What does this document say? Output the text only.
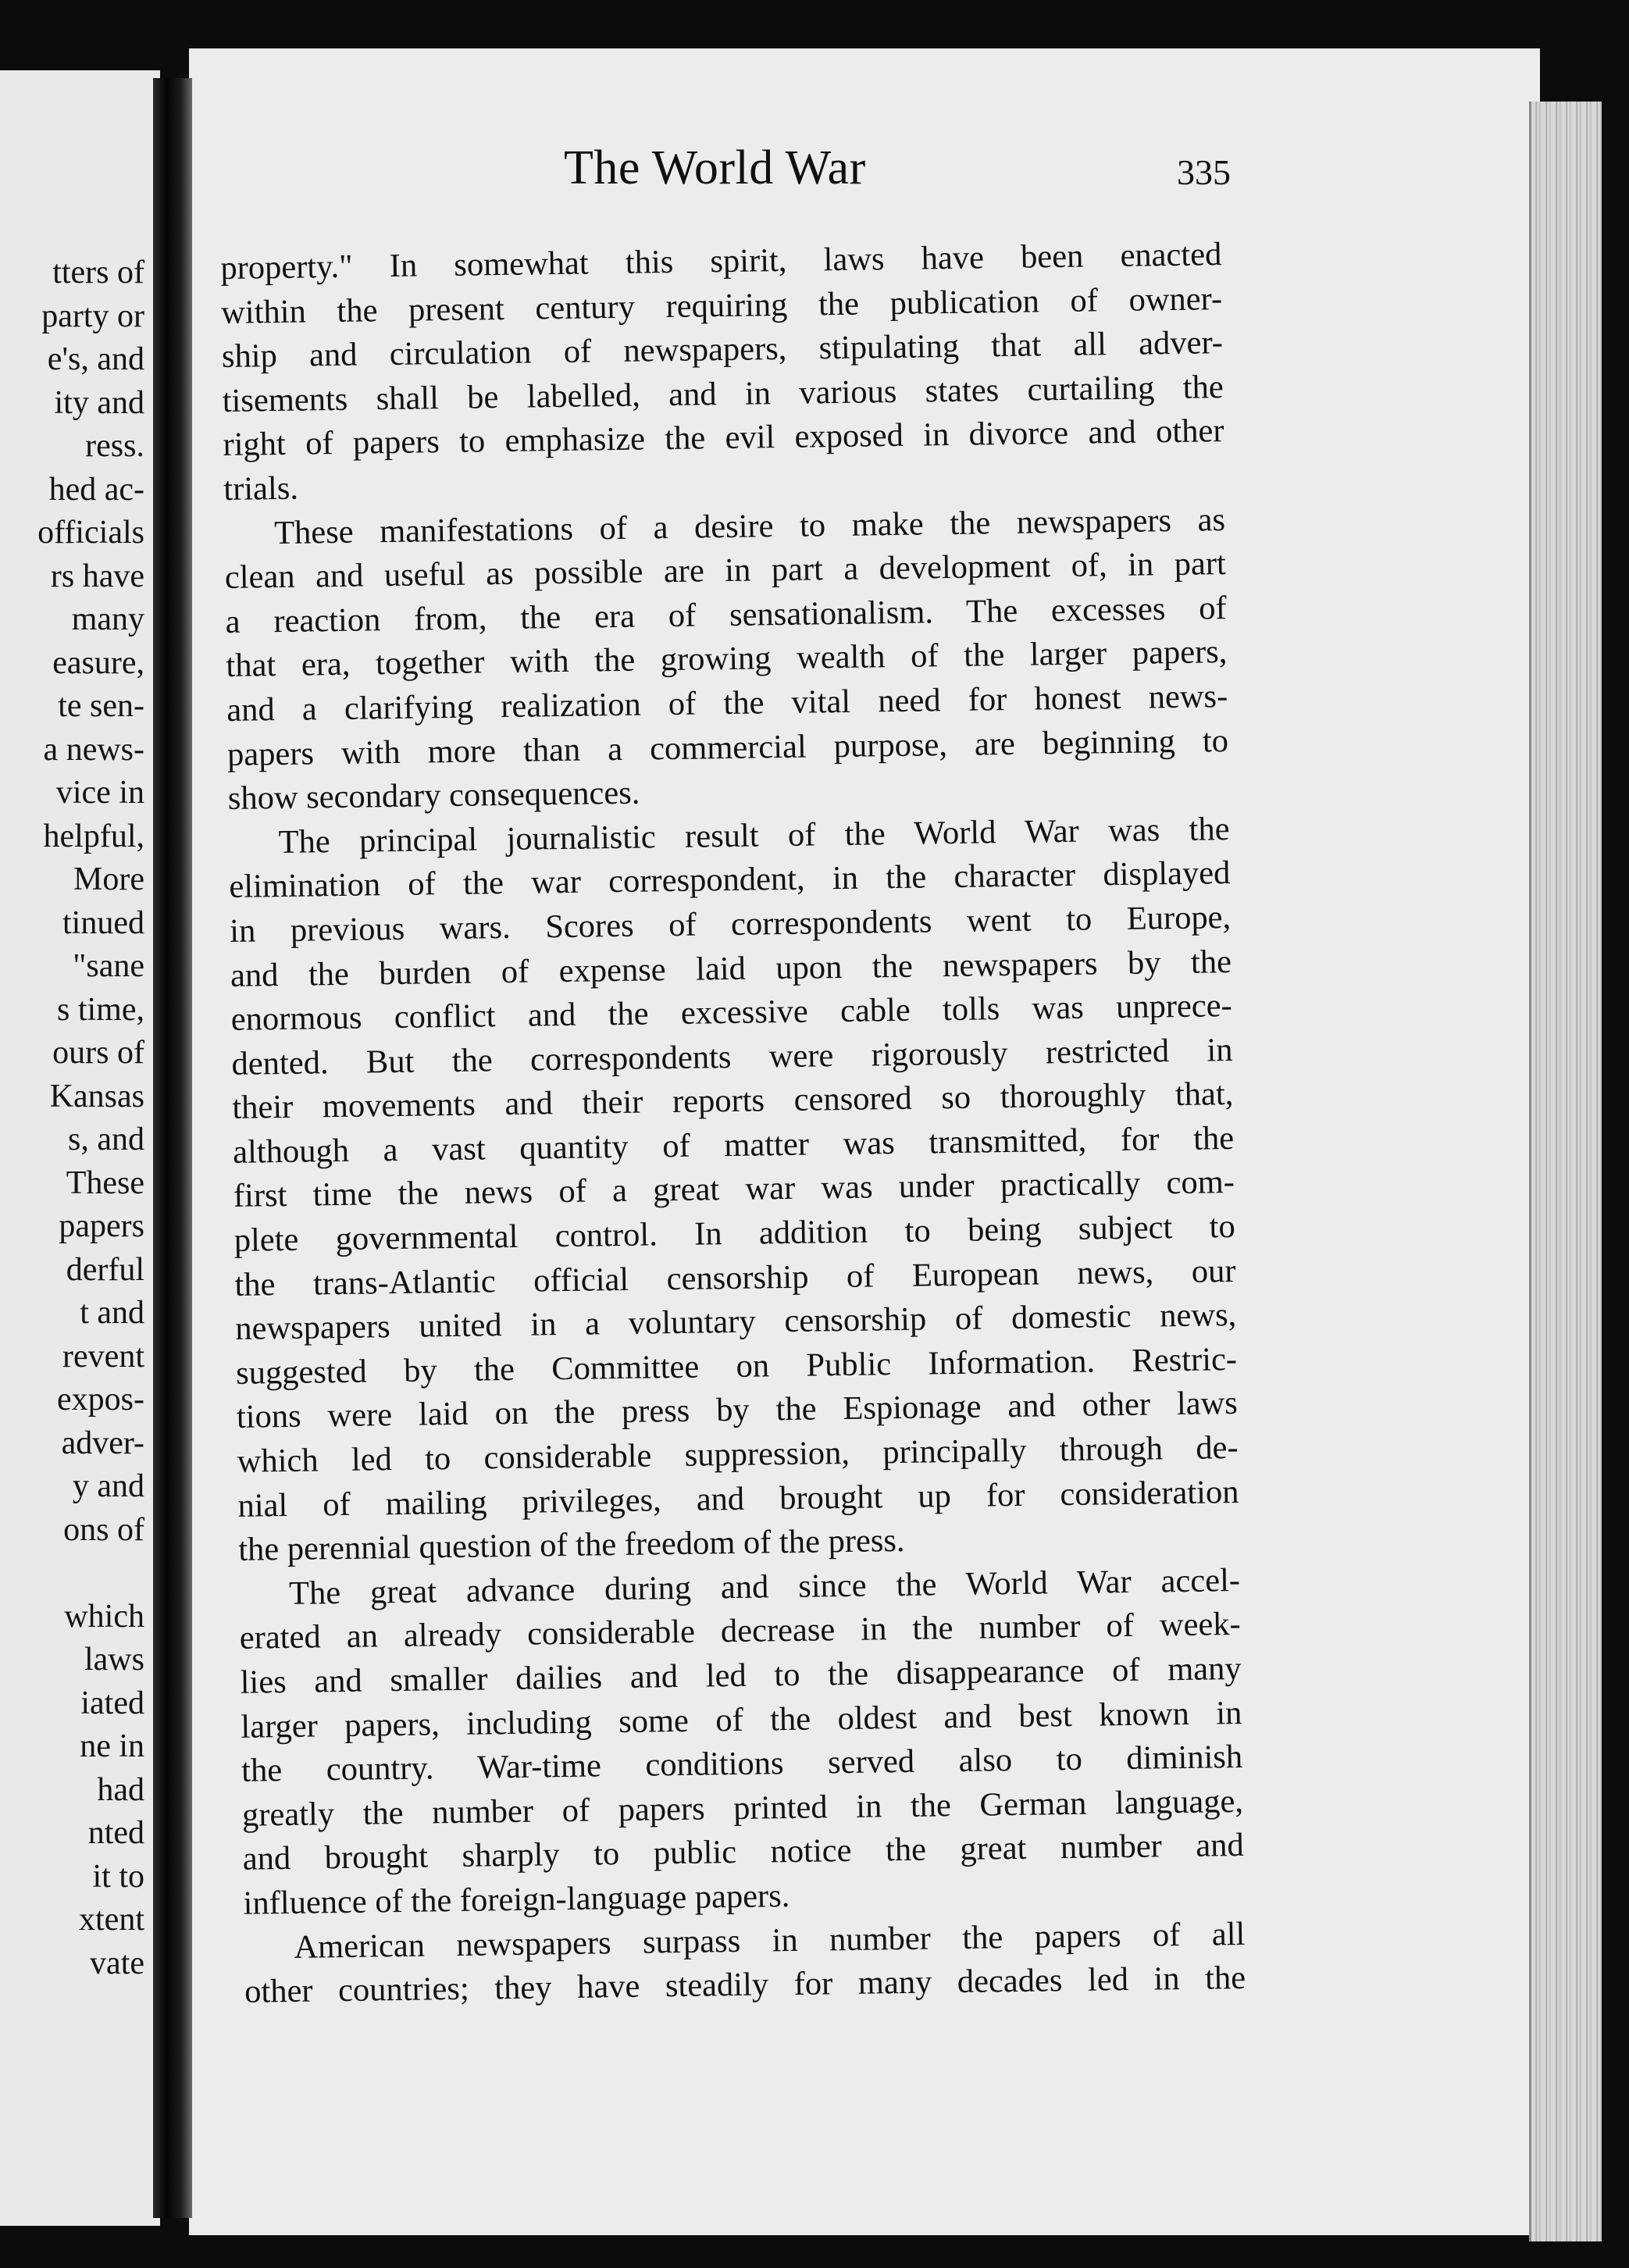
tters of
party or
e's, and
ity and
ress.
hed ac-
officials
rs have
many
easure,
te sen-
a news-
vice in
helpful,
More
tinued
"sane
s time,
ours of
Kansas
s, and
These
papers
derful
t and
revent
expos-
adver-
y and
ons of
which
laws
iated
ne in
had
nted
it to
xtent
vate
The World War	335
property." In somewhat this spirit, laws have been enacted
within the present century requiring the publication of owner-
ship and circulation of newspapers, stipulating that all adver-
tisements shall be labelled, and in various states curtailing the
right of papers to emphasize the evil exposed in divorce and other
trials.
These manifestations of a desire to make the newspapers as
clean and useful as possible are in part a development of, in part
a reaction from, the era of sensationalism. The excesses of
that era, together with the growing wealth of the larger papers,
and a clarifying realization of the vital need for honest news-
papers with more than a commercial purpose, are beginning to
show secondary consequences.
The principal journalistic result of the World War was the
elimination of the war correspondent, in the character displayed
in previous wars. Scores of correspondents went to Europe,
and the burden of expense laid upon the newspapers by the
enormous conflict and the excessive cable tolls was unprece-
dented. But the correspondents were rigorously restricted in
their movements and their reports censored so thoroughly that,
although a vast quantity of matter was transmitted, for the
first time the news of a great war was under practically com-
plete governmental control. In addition to being subject to
the trans-Atlantic official censorship of European news, our
newspapers united in a voluntary censorship of domestic news,
suggested by the Committee on Public Information. Restric-
tions were laid on the press by the Espionage and other laws
which led to considerable suppression, principally through de-
nial of mailing privileges, and brought up for consideration
the perennial question of the freedom of the press.
The great advance during and since the World War accel-
erated an already considerable decrease in the number of week-
lies and smaller dailies and led to the disappearance of many
larger papers, including some of the oldest and best known in
the country. War-time conditions served also to diminish
greatly the number of papers printed in the German language,
and brought sharply to public notice the great number and
influence of the foreign-language papers.
American newspapers surpass in number the papers of all
other countries; they have steadily for many decades led in the
